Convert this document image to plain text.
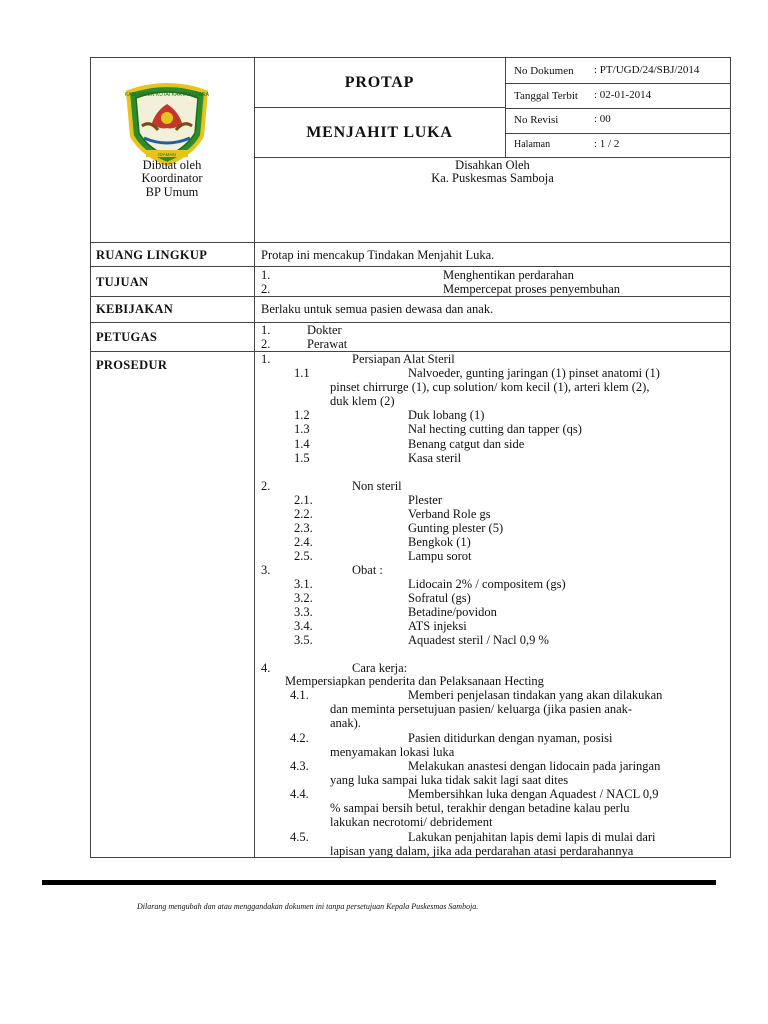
KABUPATEN KUTAI KARTANEGARA
IDAMAN
PROTAP
MENJAHIT LUKA
No Dokumen : PT/UGD/24/SBJ/2014
Tanggal Terbit : 02-01-2014
No Revisi	: 00
Halaman	: 1 / 2
Dibuat oleh
Koordinator
BP Umum
Disahkan Oleh
Ka. Puskesmas Samboja
RUANG LINGKUP	Protap ini mencakup Tindakan Menjahit Luka.
TUJUAN	1.	Menghentikan perdarahan
2.	Mempercepat proses penyembuhan
KEBIJAKAN	Berlaku untuk semua pasien dewasa dan anak.
PETUGAS	1.	Dokter
2.	Perawat
PROSEDUR	1.	Persiapan Alat Steril
1.1	Nalvoeder, gunting jaringan (1) pinset anatomi (1)
pinset chirrurge (1), cup solution/ kom kecil (1), arteri klem (2),
duk klem (2)
1.2	Duk lobang (1)
1.3	Nal hecting cutting dan tapper (qs)
1.4	Benang catgut dan side
1.5	Kasa steril
2.	Non steril
2.1.	Plester
2.2.	Verband Role gs
2.3.	Gunting plester (5)
2.4.	Bengkok (1)
2.5.	Lampu sorot
3.	Obat :
3.1.	Lidocain 2% / compositem (gs)
3.2.	Sofratul (gs)
3.3.	Betadine/povidon
3.4.	ATS injeksi
3.5.	Aquadest steril / Nacl 0,9 %
4.	Cara kerja:
Mempersiapkan penderita dan Pelaksanaan Hecting
4.1.	Memberi penjelasan tindakan yang akan dilakukan
dan meminta persetujuan pasien/ keluarga (jika pasien anak-
anak).
4.2.	Pasien ditidurkan dengan nyaman, posisi
menyamakan lokasi luka
4.3.	Melakukan anastesi dengan lidocain pada jaringan
yang luka sampai luka tidak sakit lagi saat dites
4.4.	Membersihkan luka dengan Aquadest / NACL 0,9
% sampai bersih betul, terakhir dengan betadine kalau perlu
lakukan necrotomi/ debridement
4.5.	Lakukan penjahitan lapis demi lapis di mulai dari
lapisan yang dalam, jika ada perdarahan atasi perdarahannya
Dilarang mengubah dan atau menggandakan dokumen ini tanpa persetujuan Kepala Puskesmas Samboja.
